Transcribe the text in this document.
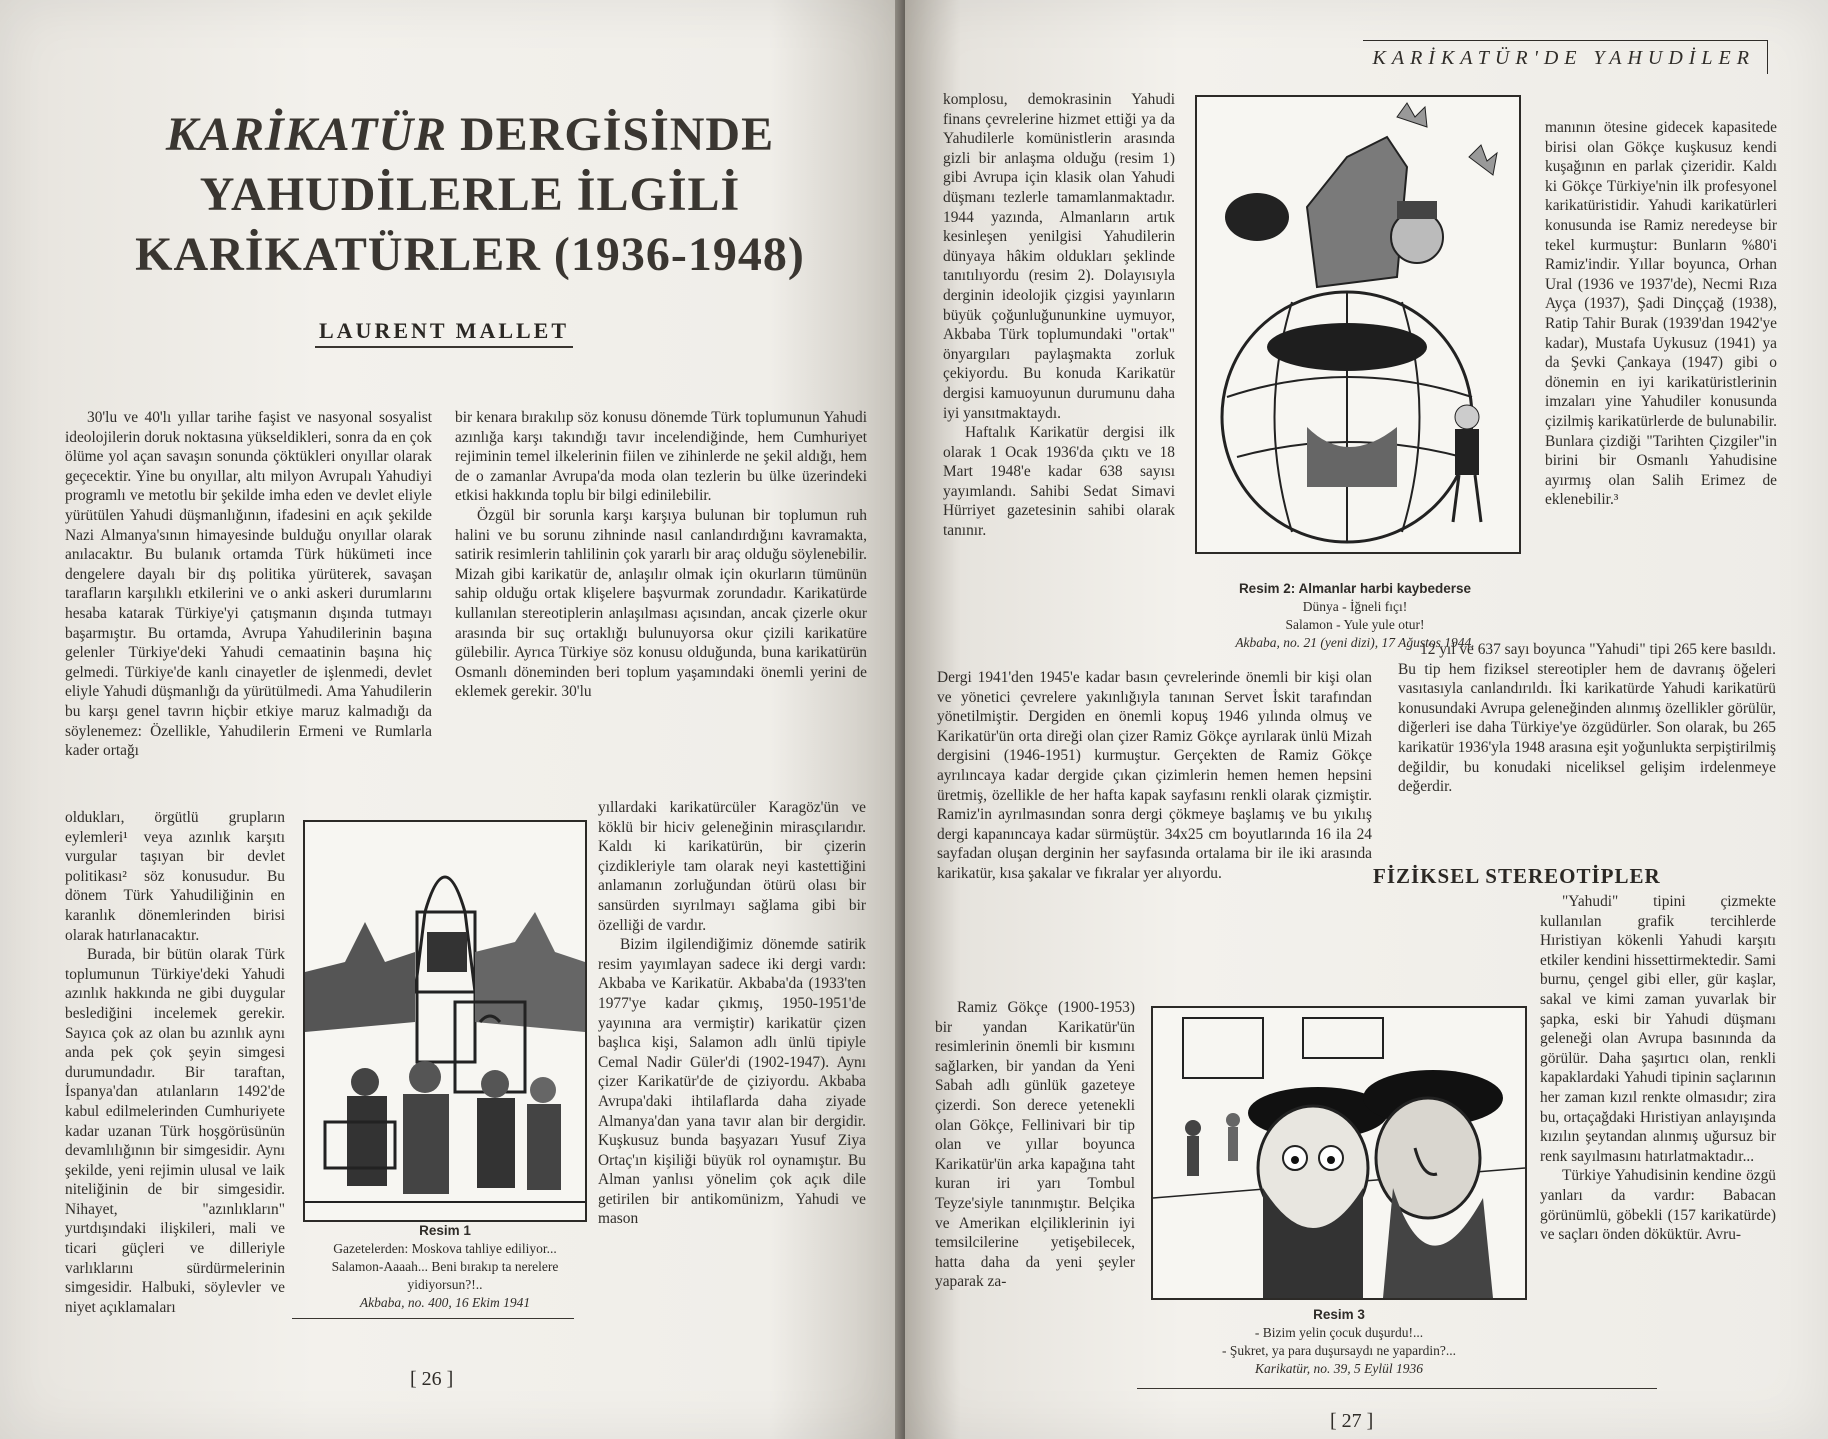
KARİKATÜR DERGİSİNDE
YAHUDİLERLE İLGİLİ
KARİKATÜRLER (1936-1948)
LAURENT MALLET

30'lu ve 40'lı yıllar tarihe faşist ve nasyonal sosyalist ideolojilerin doruk noktasına yükseldikleri, sonra da en çok ölüme yol açan savaşın sonunda çöktükleri onyıllar olarak geçecektir. Yine bu onyıllar, altı milyon Avrupalı Yahudiyi programlı ve metotlu bir şekilde imha eden ve devlet eliyle yürütülen Yahudi düşmanlığının, ifadesini en açık şekilde Nazi Almanya'sının himayesinde bulduğu onyıllar olarak anılacaktır. Bu bulanık ortamda Türk hükümeti ince dengelere dayalı bir dış politika yürüterek, savaşan tarafların karşılıklı etkilerini ve o anki askeri durumlarını hesaba katarak Türkiye'yi çatışmanın dışında tutmayı başarmıştır. Bu ortamda, Avrupa Yahudilerinin başına gelenler Türkiye'deki Yahudi cemaatinin başına hiç gelmedi. Türkiye'de kanlı cinayetler de işlenmedi, devlet eliyle Yahudi düşmanlığı da yürütülmedi. Ama Yahudilerin bu karşı genel tavrın hiçbir etkiye maruz kalmadığı da söylenemez: Özellikle, Yahudilerin Ermeni ve Rumlarla kader ortağı

oldukları, örgütlü grupların eylemleri¹ veya azınlık karşıtı vurgular taşıyan bir devlet politikası² söz konusudur. Bu dönem Türk Yahudiliğinin en karanlık dönemlerinden birisi olarak hatırlanacaktır.

Burada, bir bütün olarak Türk toplumunun Türkiye'deki Yahudi azınlık hakkında ne gibi duygular beslediğini incelemek gerekir. Sayıca çok az olan bu azınlık aynı anda pek çok şeyin simgesi durumundadır. Bir taraftan, İspanya'dan atılanların 1492'de kabul edilmelerinden Cumhuriyete kadar uzanan Türk hoşgörüsünün devamlılığının bir simgesidir. Aynı şekilde, yeni rejimin ulusal ve laik niteliğinin de bir simgesidir. Nihayet, "azınlıkların" yurtdışındaki ilişkileri, mali ve ticari güçleri ve dilleriyle varlıklarını sürdürmelerinin simgesidir. Halbuki, söylevler ve niyet açıklamaları

bir kenara bırakılıp söz konusu dönemde Türk toplumunun Yahudi azınlığa karşı takındığı tavır incelendiğinde, hem Cumhuriyet rejiminin temel ilkelerinin fiilen ve zihinlerde ne şekil aldığı, hem de o zamanlar Avrupa'da moda olan tezlerin bu ülke üzerindeki etkisi hakkında toplu bir bilgi edinilebilir.

Özgül bir sorunla karşı karşıya bulunan bir toplumun ruh halini ve bu sorunu zihninde nasıl canlandırdığını kavramakta, satirik resimlerin tahlilinin çok yararlı bir araç olduğu söylenebilir. Mizah gibi karikatür de, anlaşılır olmak için okurların tümünün sahip olduğu ortak klişelere başvurmak zorundadır. Karikatürde kullanılan stereotiplerin anlaşılması açısından, ancak çizerle okur arasında bir suç ortaklığı bulunuyorsa okur çizili karikatüre gülebilir. Ayrıca Türkiye söz konusu olduğunda, buna karikatürün Osmanlı döneminden beri toplum yaşamındaki önemli yerini de eklemek gerekir. 30'lu

yıllardaki karikatürcüler Karagöz'ün ve köklü bir hiciv geleneğinin mirasçılarıdır. Kaldı ki karikatürün, bir çizerin çizdikleriyle tam olarak neyi kastettiğini anlamanın zorluğundan ötürü olası bir sansürden sıyrılmayı sağlama gibi bir özelliği de vardır.

Bizim ilgilendiğimiz dönemde satirik resim yayımlayan sadece iki dergi vardı: Akbaba ve Karikatür. Akbaba'da (1933'ten 1977'ye kadar çıkmış, 1950-1951'de yayınına ara vermiştir) karikatür çizen başlıca kişi, Salamon adlı ünlü tipiyle Cemal Nadir Güler'di (1902-1947). Aynı çizer Karikatür'de de çiziyordu. Akbaba Avrupa'daki ihtilaflarda daha ziyade Almanya'dan yana tavır alan bir dergidir. Kuşkusuz bunda başyazarı Yusuf Ziya Ortaç'ın kişiliği büyük rol oynamıştır. Bu Alman yanlısı yönelim çok açık dile getirilen bir antikomünizm, Yahudi ve mason

Resim 1
Gazetelerden: Moskova tahliye ediliyor...
Salamon-Aaaah... Beni bırakıp ta nerelere yidiyorsun?!..
Akbaba, no. 400, 16 Ekim 1941
[ 26 ]
KARİKATÜR'DE YAHUDİLER

komplosu, demokrasinin Yahudi finans çevrelerine hizmet ettiği ya da Yahudilerle komünistlerin arasında gizli bir anlaşma olduğu (resim 1) gibi Avrupa için klasik olan Yahudi düşmanı tezlerle tamamlanmaktadır. 1944 yazında, Almanların artık kesinleşen yenilgisi Yahudilerin dünyaya hâkim oldukları şeklinde tanıtılıyordu (resim 2). Dolayısıyla derginin ideolojik çizgisi yayınların büyük çoğunluğununkine uymuyor, Akbaba Türk toplumundaki "ortak" önyargıları paylaşmakta zorluk çekiyordu. Bu konuda Karikatür dergisi kamuoyunun durumunu daha iyi yansıtmaktaydı.

Haftalık Karikatür dergisi ilk olarak 1 Ocak 1936'da çıktı ve 18 Mart 1948'e kadar 638 sayısı yayımlandı. Sahibi Sedat Simavi Hürriyet gazetesinin sahibi olarak tanınır.

Resim 2: Almanlar harbi kaybederse
Dünya - İğneli fıçı!
Salamon - Yule yule otur!
Akbaba, no. 21 (yeni dizi), 17 Ağustos 1944.

manının ötesine gidecek kapasitede birisi olan Gökçe kuşkusuz kendi kuşağının en parlak çizeridir. Kaldı ki Gökçe Türkiye'nin ilk profesyonel karikatüristidir. Yahudi karikatürleri konusunda ise Ramiz neredeyse bir tekel kurmuştur: Bunların %80'i Ramiz'indir. Yıllar boyunca, Orhan Ural (1936 ve 1937'de), Necmi Rıza Ayça (1937), Şadi Dinççağ (1938), Ratip Tahir Burak (1939'dan 1942'ye kadar), Mustafa Uykusuz (1941) ya da Şevki Çankaya (1947) gibi o dönemin en iyi karikatüristlerinin imzaları yine Yahudiler konusunda çizilmiş karikatürlerde de bulunabilir. Bunlara çizdiği "Tarihten Çizgiler"in birini bir Osmanlı Yahudisine ayırmış olan Salih Erimez de eklenebilir.³

Dergi 1941'den 1945'e kadar basın çevrelerinde önemli bir kişi olan ve yönetici çevrelere yakınlığıyla tanınan Servet İskit tarafından yönetilmiştir. Dergiden en önemli kopuş 1946 yılında olmuş ve Karikatür'ün orta direği olan çizer Ramiz Gökçe ayrılarak ünlü Mizah dergisini (1946-1951) kurmuştur. Gerçekten de Ramiz Gökçe ayrılıncaya kadar dergide çıkan çizimlerin hemen hemen hepsini üretmiş, özellikle de her hafta kapak sayfasını renkli olarak çizmiştir. Ramiz'in ayrılmasından sonra dergi çökmeye başlamış ve bu yıkılış dergi kapanıncaya kadar sürmüştür. 34x25 cm boyutlarında 16 ila 24 sayfadan oluşan derginin her sayfasında ortalama bir ile iki arasında karikatür, kısa şakalar ve fıkralar yer alıyordu.

12 yıl ve 637 sayı boyunca "Yahudi" tipi 265 kere basıldı. Bu tip hem fiziksel stereotipler hem de davranış öğeleri vasıtasıyla canlandırıldı. İki karikatürde Yahudi karikatürü konusundaki Avrupa geleneğinden alınmış özellikler görülür, diğerleri ise daha Türkiye'ye özgüdürler. Son olarak, bu 265 karikatür 1936'yla 1948 arasına eşit yoğunlukta serpiştirilmiş değildir, bu konudaki niceliksel gelişim irdelenmeye değerdir.

FİZİKSEL STEREOTİPLER

Ramiz Gökçe (1900-1953) bir yandan Karikatür'ün resimlerinin önemli bir kısmını sağlarken, bir yandan da Yeni Sabah adlı günlük gazeteye çizerdi. Son derece yetenekli olan Gökçe, Fellinivari bir tip olan ve yıllar boyunca Karikatür'ün arka kapağına taht kuran iri yarı Tombul Teyze'siyle tanınmıştır. Belçika ve Amerikan elçiliklerinin iyi temsilcilerine yetişebilecek, hatta daha da yeni şeyler yaparak za-

Resim 3
- Bizim yelin çocuk duşurdu!...
- Şukret, ya para duşursaydı ne yapardin?...
Karikatür, no. 39, 5 Eylül 1936

"Yahudi" tipini çizmekte kullanılan grafik tercihlerde Hıristiyan kökenli Yahudi karşıtı etkiler kendini hissettirmektedir. Sami burnu, çengel gibi eller, gür kaşlar, sakal ve kimi zaman yuvarlak bir şapka, eski bir Yahudi düşmanı geleneği olan Avrupa basınında da görülür. Daha şaşırtıcı olan, renkli kapaklardaki Yahudi tipinin saçlarının her zaman kızıl renkte olmasıdır; zira bu, ortaçağdaki Hıristiyan anlayışında kızılın şeytandan alınmış uğursuz bir renk sayılmasını hatırlatmaktadır...

Türkiye Yahudisinin kendine özgü yanları da vardır: Babacan görünümlü, göbekli (157 karikatürde) ve saçları önden döküktür. Avru-

[ 27 ]
